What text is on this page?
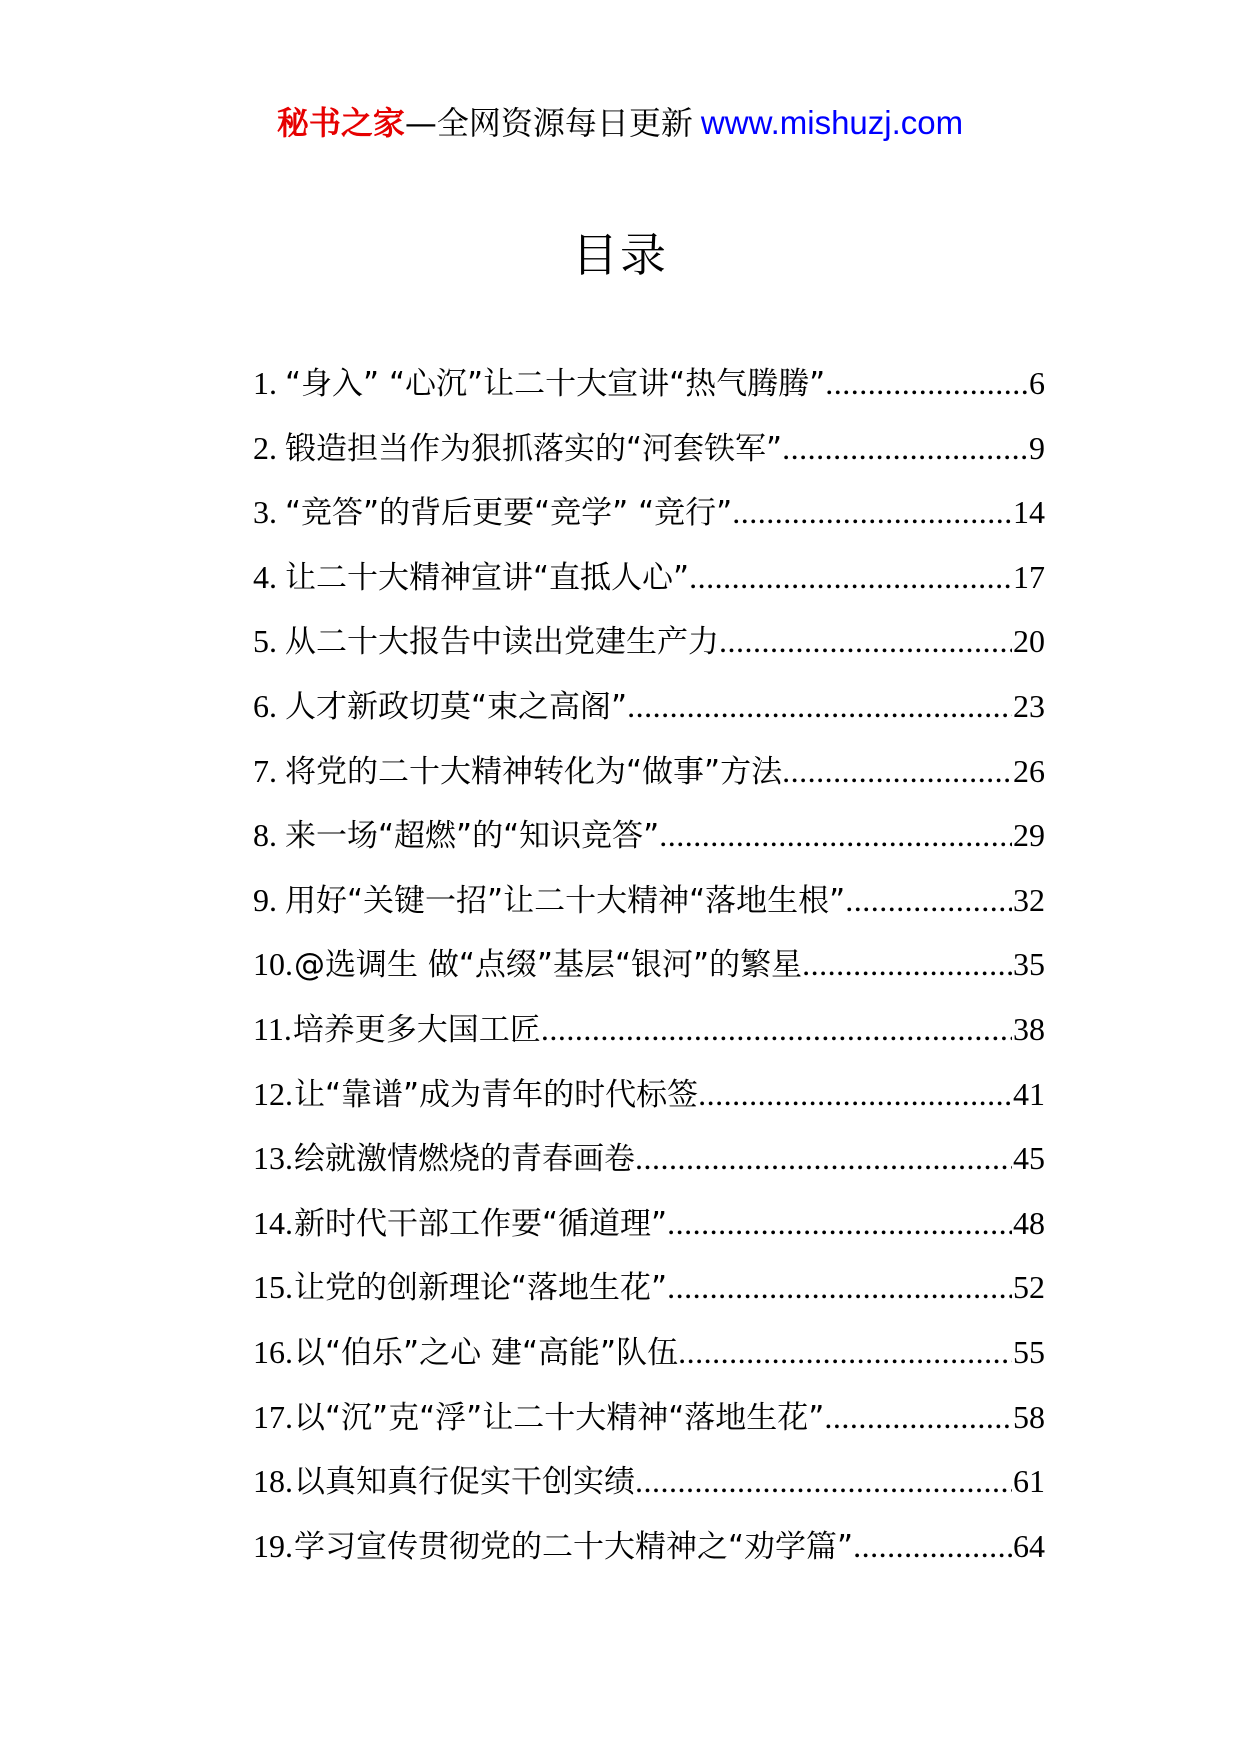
秘书之家—全网资源每日更新 www.mishuzj.com
目录
1. “身入” “心沉”让二十大宣讲“热气腾腾” .....	6
2. 锻造担当作为狠抓落实的“河套铁军” .....	9
3. “竞答”的背后更要“竞学” “竞行” .....	14
4. 让二十大精神宣讲“直抵人心” .....	17
5. 从二十大报告中读出党建生产力 .....	20
6. 人才新政切莫“束之高阁” .....	23
7. 将党的二十大精神转化为“做事”方法 .....	26
8. 来一场“超燃”的“知识竞答” .....	29
9. 用好“关键一招”让二十大精神“落地生根” .....	32
10. @选调生 做“点缀”基层“银河”的繁星 .....	35
11. 培养更多大国工匠 .....	38
12. 让“靠谱”成为青年的时代标签 .....	41
13. 绘就激情燃烧的青春画卷 .....	45
14. 新时代干部工作要“循道理” .....	48
15. 让党的创新理论“落地生花” .....	52
16. 以“伯乐”之心 建“高能”队伍 .....	55
17. 以“沉”克“浮”让二十大精神“落地生花” .....	58
18. 以真知真行促实干创实绩 .....	61
19. 学习宣传贯彻党的二十大精神之“劝学篇” .....	64
